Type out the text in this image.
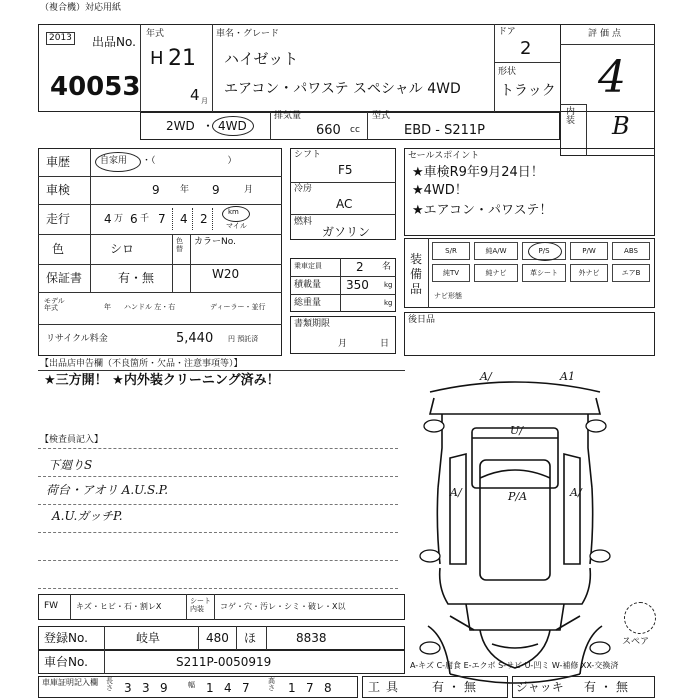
（複合機）対応用紙
2013 出品No.
40053
年式
H 21
4 月
車名・グレード
ハイゼット
エアコン・パワステ スペシャル 4WD
ドア
2
形状
トラック
評価点
4
内装 B
2WD ・ 4WD
排気量
660 cc
型式
EBD - S211P
車歴	自家用 ・（　　　　　　　　）
車検	9 年 9	月
走行	4 万 6 千 7 4 2	km
マイル
色	シロ
色替
カラーNo.
W20
保証書	有・無
モデル年式	年 ハンドル 左・右	ディーラー・並行
リサイクル料金	5,440 円 預託済
シフト
F5
冷房
AC
燃料
ガソリン
乗車定員	2 名
積載量 350 kg
総重量	kg
書類期限
月	日
セールスポイント
★車検R9年9月24日！
★4WD！
★エアコン・パワステ！
装備品
S/R	純A/W	P/S	P/W	ABS
純TV	純ナビ	革シート	外ナビ	エアB
ナビ形態
後日品
【出品店申告欄（不良箇所・欠品・注意事項等）】
★三方開！ ★内外装クリーニング済み！
【検査員記入】
下廻りS
荷台・アオリ A.U.S.P.
A.U.ガッチP.
A/	A1
U/
A/	P/A	A/
スペア
FW キズ・ヒビ・石・割レX
シート内装	コゲ・穴・汚レ・シミ・破レ・X以
登録No.	岐阜	480 ほ	8838
車台No.	S211P-0050919	A-キズ C-腐食 E-エクボ S-サビ U-凹ミ W-補修 XX-交換済
車庫証明記入欄 長さ 3 3 9	幅 1 4 7	高さ 1 7 8	工具 有・無	ジャッキ 有・無
